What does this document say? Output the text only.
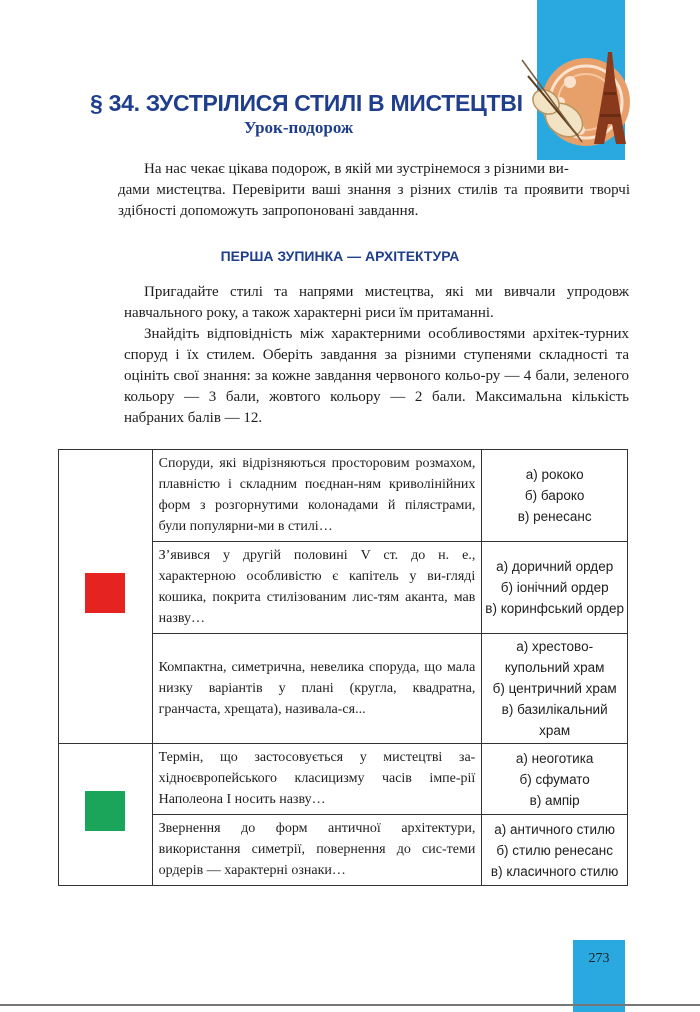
§ 34. ЗУСТРІЛИСЯ СТИЛІ В МИСТЕЦТВІ
Урок-подорож

На нас чекає цікава подорож, в якій ми зустрінемося з різними ви-
дами мистецтва. Перевірити ваші знання з різних стилів та проявити творчі здібності допоможуть запропоновані завдання.

ПЕРША ЗУПИНКА — АРХІТЕКТУРА

Пригадайте стилі та напрями мистецтва, які ми вивчали упродовж навчального року, а також характерні риси їм притаманні.

Знайдіть відповідність між характерними особливостями архітек-турних споруд і їх стилем. Оберіть завдання за різними ступенями складності та оцініть свої знання: за кожне завдання червоного кольо-ру — 4 бали, зеленого кольору — 3 бали, жовтого кольору — 2 бали. Максимальна кількість набраних балів — 12.

	Споруди, які відрізняються просторовим розмахом, плавністю і складним поєднан-ням криволінійних форм з розгорнутими колонадами й пілястрами, були популярни-ми в стилі…	а) рококо
б) бароко
в) ренесанс

	З’явився у другій половині V ст. до н. е., характерною особливістю є капітель у ви-гляді кошика, покрита стилізованим лис-тям аканта, мав назву…	а) доричний ордер
б) іонічний ордер
в) коринфський ордер

	Компактна, симетрична, невелика споруда, що мала низку варіантів у плані (кругла, квадратна, гранчаста, хрещата), називала-ся...	а) хрестово-купольний храм
б) центричний храм
в) базилікальний храм

	Термін, що застосовується у мистецтві за-хідноєвропейського класицизму часів імпе-рії Наполеона I носить назву…	а) неоготика
б) сфумато
в) ампір

	Звернення до форм античної архітектури, використання симетрії, повернення до сис-теми ордерів — характерні ознаки…	а) античного стилю
б) стилю ренесанс
в) класичного стилю
273
